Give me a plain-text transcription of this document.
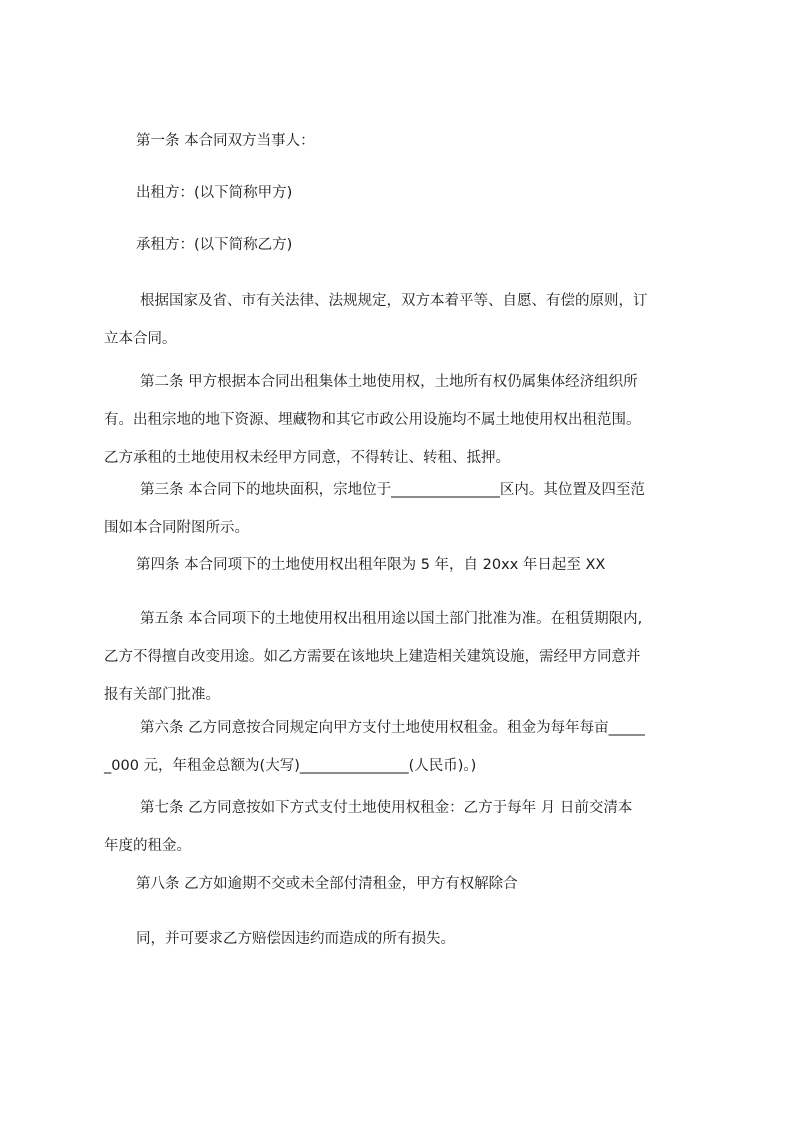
第一条 本合同双方当事人：
出租方：(以下简称甲方)
承租方：(以下简称乙方)
根据国家及省、市有关法律、法规规定，双方本着平等、自愿、有偿的原则，订
立本合同。
第二条 甲方根据本合同出租集体土地使用权，土地所有权仍属集体经济组织所
有。出租宗地的地下资源、埋藏物和其它市政公用设施均不属土地使用权出租范围。
乙方承租的土地使用权未经甲方同意，不得转让、转租、抵押。
第三条 本合同下的地块面积，宗地位于_______________区内。其位置及四至范
围如本合同附图所示。
第四条 本合同项下的土地使用权出租年限为 5 年，自 20xx 年日起至 XX
第五条 本合同项下的土地使用权出租用途以国土部门批准为准。在租赁期限内,
乙方不得擅自改变用途。如乙方需要在该地块上建造相关建筑设施，需经甲方同意并
报有关部门批准。
第六条 乙方同意按合同规定向甲方支付土地使用权租金。租金为每年每亩_____
_000 元，年租金总额为(大写)_______________(人民币)。)
第七条 乙方同意按如下方式支付土地使用权租金：乙方于每年 月 日前交清本
年度的租金。
第八条 乙方如逾期不交或未全部付清租金，甲方有权解除合
同，并可要求乙方赔偿因违约而造成的所有损失。
